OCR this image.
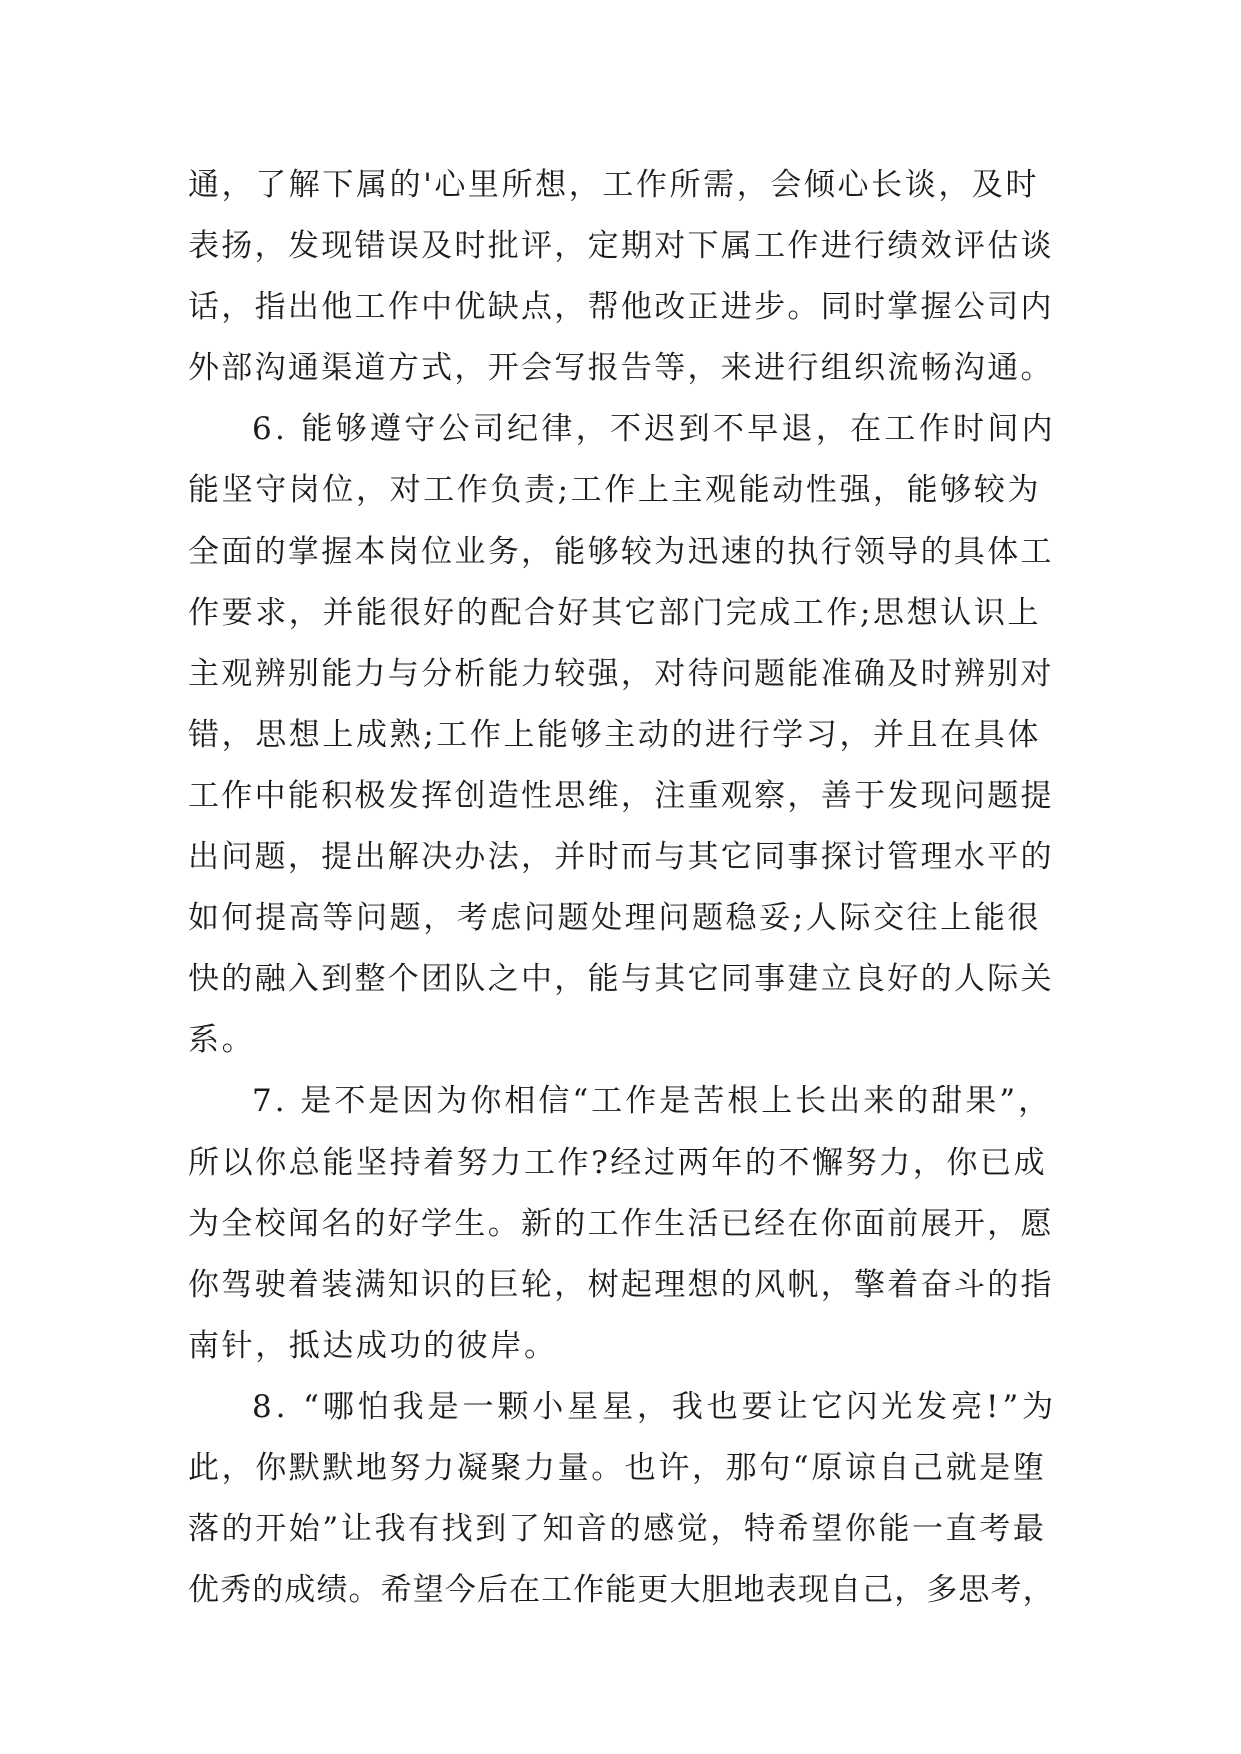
通，了解下属的'心里所想，工作所需，会倾心长谈，及时
表扬，发现错误及时批评，定期对下属工作进行绩效评估谈
话，指出他工作中优缺点，帮他改正进步。同时掌握公司内
外部沟通渠道方式，开会写报告等，来进行组织流畅沟通。
6. 能够遵守公司纪律，不迟到不早退，在工作时间内
能坚守岗位，对工作负责;工作上主观能动性强，能够较为
全面的掌握本岗位业务，能够较为迅速的执行领导的具体工
作要求，并能很好的配合好其它部门完成工作;思想认识上
主观辨别能力与分析能力较强，对待问题能准确及时辨别对
错，思想上成熟;工作上能够主动的进行学习，并且在具体
工作中能积极发挥创造性思维，注重观察，善于发现问题提
出问题，提出解决办法，并时而与其它同事探讨管理水平的
如何提高等问题，考虑问题处理问题稳妥;人际交往上能很
快的融入到整个团队之中，能与其它同事建立良好的人际关
系。
7. 是不是因为你相信“工作是苦根上长出来的甜果”，
所以你总能坚持着努力工作?经过两年的不懈努力，你已成
为全校闻名的好学生。新的工作生活已经在你面前展开，愿
你驾驶着装满知识的巨轮，树起理想的风帆，擎着奋斗的指
南针，抵达成功的彼岸。
8. “哪怕我是一颗小星星，我也要让它闪光发亮!”为
此，你默默地努力凝聚力量。也许，那句“原谅自己就是堕
落的开始”让我有找到了知音的感觉，特希望你能一直考最
优秀的成绩。希望今后在工作能更大胆地表现自己，多思考，
